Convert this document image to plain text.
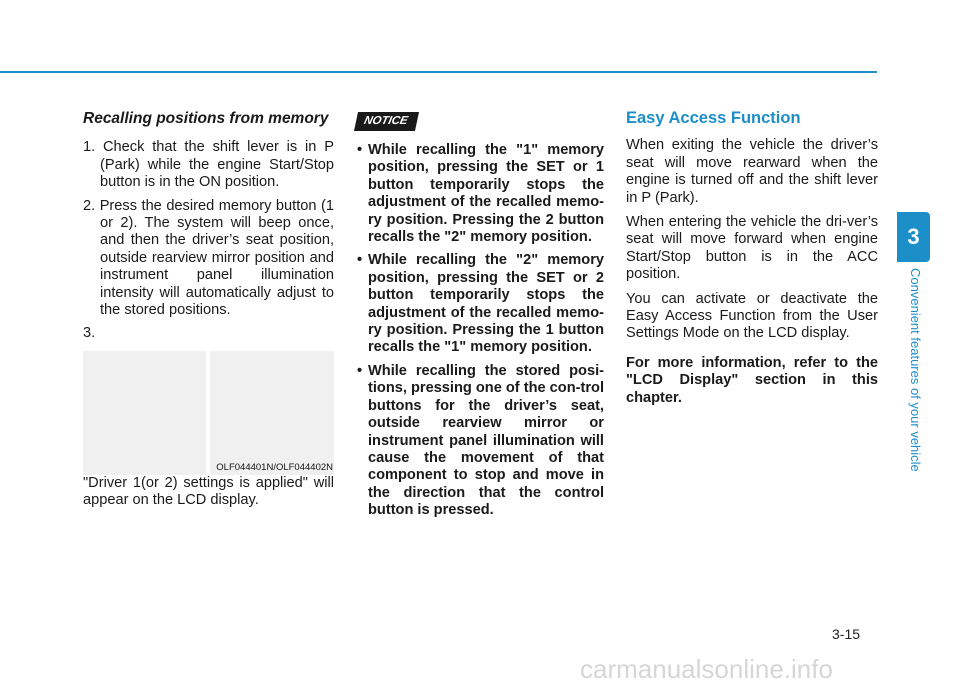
Recalling positions from memory
1. Check that the shift lever is in P (Park) while the engine Start/Stop button is in the ON position.
2. Press the desired memory button (1 or 2). The system will beep once, and then the driver’s seat position, outside rearview mirror position and instrument panel illumination intensity will automatically adjust to the stored positions.
3.
OLF044401N/OLF044402N
"Driver 1(or 2) settings is applied" will appear on the LCD display.
NOTICE
• While recalling the "1" memory position, pressing the SET or 1 button temporarily stops the adjustment of the recalled memo-ry position. Pressing the 2 button recalls the "2" memory position.
• While recalling the "2" memory position, pressing the SET or 2 button temporarily stops the adjustment of the recalled memo-ry position. Pressing the 1 button recalls the "1" memory position.
• While recalling the stored posi-tions, pressing one of the con-trol buttons for the driver’s seat, outside rearview mirror or instrument panel illumination will cause the movement of that component to stop and move in the direction that the control button is pressed.
Easy Access Function
When exiting the vehicle the driver’s seat will move rearward when the engine is turned off and the shift lever in P (Park).
When entering the vehicle the dri-ver’s seat will move forward when engine Start/Stop button is in the ACC position.
You can activate or deactivate the Easy Access Function from the User Settings Mode on the LCD display.
For more information, refer to the "LCD Display" section in this chapter.
3
Convenient features of your vehicle
3-15
carmanualsonline.info
